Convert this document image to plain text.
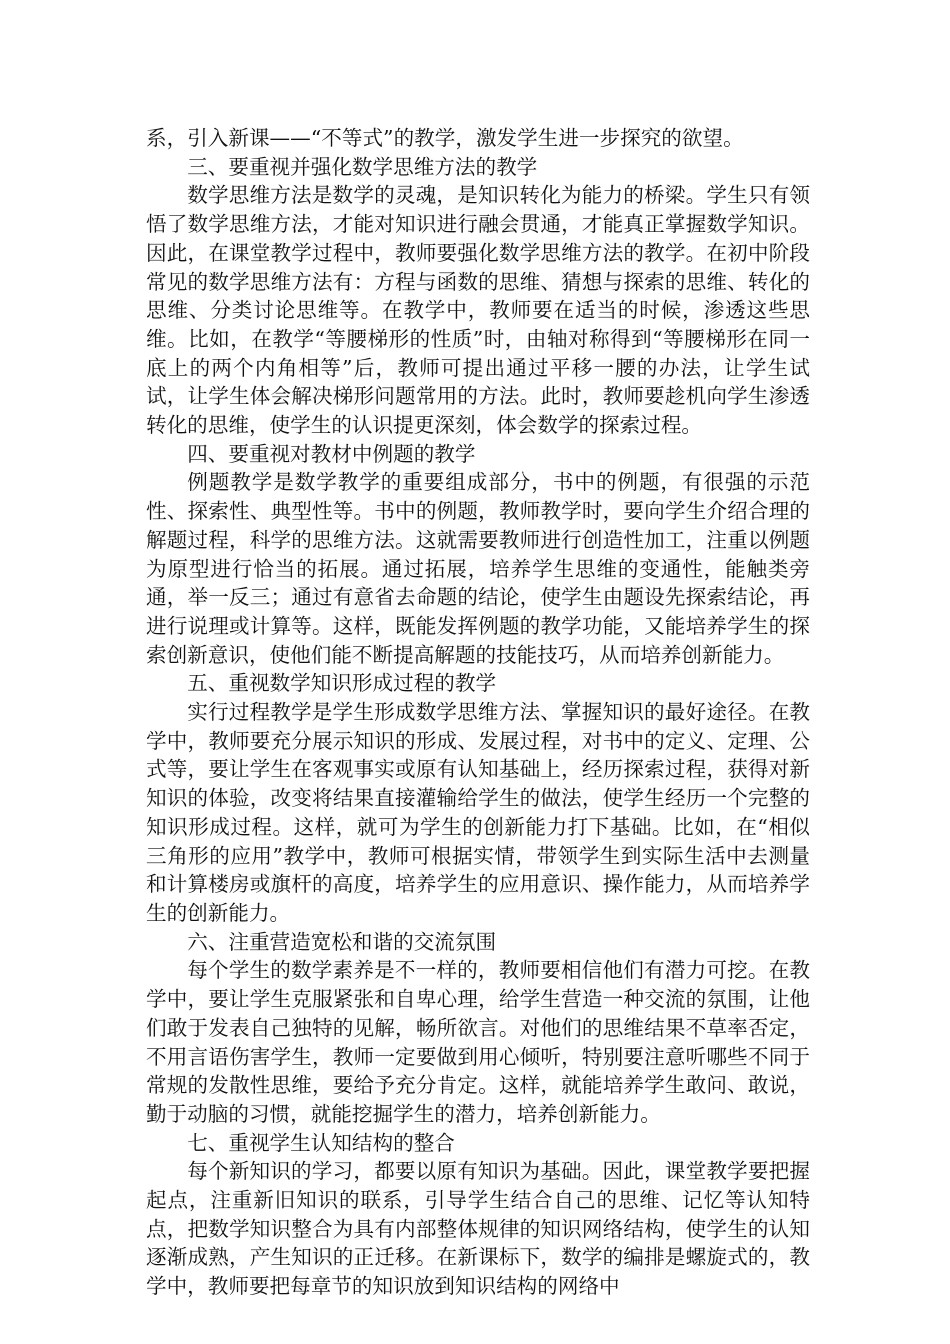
系，引入新课——“不等式”的教学，激发学生进一步探究的欲望。

三、要重视并强化数学思维方法的教学

数学思维方法是数学的灵魂，是知识转化为能力的桥梁。学生只有领悟了数学思维方法，才能对知识进行融会贯通，才能真正掌握数学知识。因此，在课堂教学过程中，教师要强化数学思维方法的教学。在初中阶段常见的数学思维方法有：方程与函数的思维、猜想与探索的思维、转化的思维、分类讨论思维等。在教学中，教师要在适当的时候，渗透这些思维。比如，在教学“等腰梯形的性质”时，由轴对称得到“等腰梯形在同一底上的两个内角相等”后，教师可提出通过平移一腰的办法，让学生试试，让学生体会解决梯形问题常用的方法。此时，教师要趁机向学生渗透转化的思维，使学生的认识提更深刻，体会数学的探索过程。

四、要重视对教材中例题的教学

例题教学是数学教学的重要组成部分，书中的例题，有很强的示范性、探索性、典型性等。书中的例题，教师教学时，要向学生介绍合理的解题过程，科学的思维方法。这就需要教师进行创造性加工，注重以例题为原型进行恰当的拓展。通过拓展，培养学生思维的变通性，能触类旁通，举一反三；通过有意省去命题的结论，使学生由题设先探索结论，再进行说理或计算等。这样，既能发挥例题的教学功能，又能培养学生的探索创新意识，使他们能不断提高解题的技能技巧，从而培养创新能力。

五、重视数学知识形成过程的教学

实行过程教学是学生形成数学思维方法、掌握知识的最好途径。在教学中，教师要充分展示知识的形成、发展过程，对书中的定义、定理、公式等，要让学生在客观事实或原有认知基础上，经历探索过程，获得对新知识的体验，改变将结果直接灌输给学生的做法，使学生经历一个完整的知识形成过程。这样，就可为学生的创新能力打下基础。比如，在“相似三角形的应用”教学中，教师可根据实情，带领学生到实际生活中去测量和计算楼房或旗杆的高度，培养学生的应用意识、操作能力，从而培养学生的创新能力。

六、注重营造宽松和谐的交流氛围

每个学生的数学素养是不一样的，教师要相信他们有潜力可挖。在教学中，要让学生克服紧张和自卑心理，给学生营造一种交流的氛围，让他们敢于发表自己独特的见解，畅所欲言。对他们的思维结果不草率否定，不用言语伤害学生，教师一定要做到用心倾听，特别要注意听哪些不同于常规的发散性思维，要给予充分肯定。这样，就能培养学生敢问、敢说，勤于动脑的习惯，就能挖掘学生的潜力，培养创新能力。

七、重视学生认知结构的整合

每个新知识的学习，都要以原有知识为基础。因此，课堂教学要把握起点，注重新旧知识的联系，引导学生结合自己的思维、记忆等认知特点，把数学知识整合为具有内部整体规律的知识网络结构，使学生的认知逐渐成熟，产生知识的正迁移。在新课标下，数学的编排是螺旋式的，教学中，教师要把每章节的知识放到知识结构的网络中
